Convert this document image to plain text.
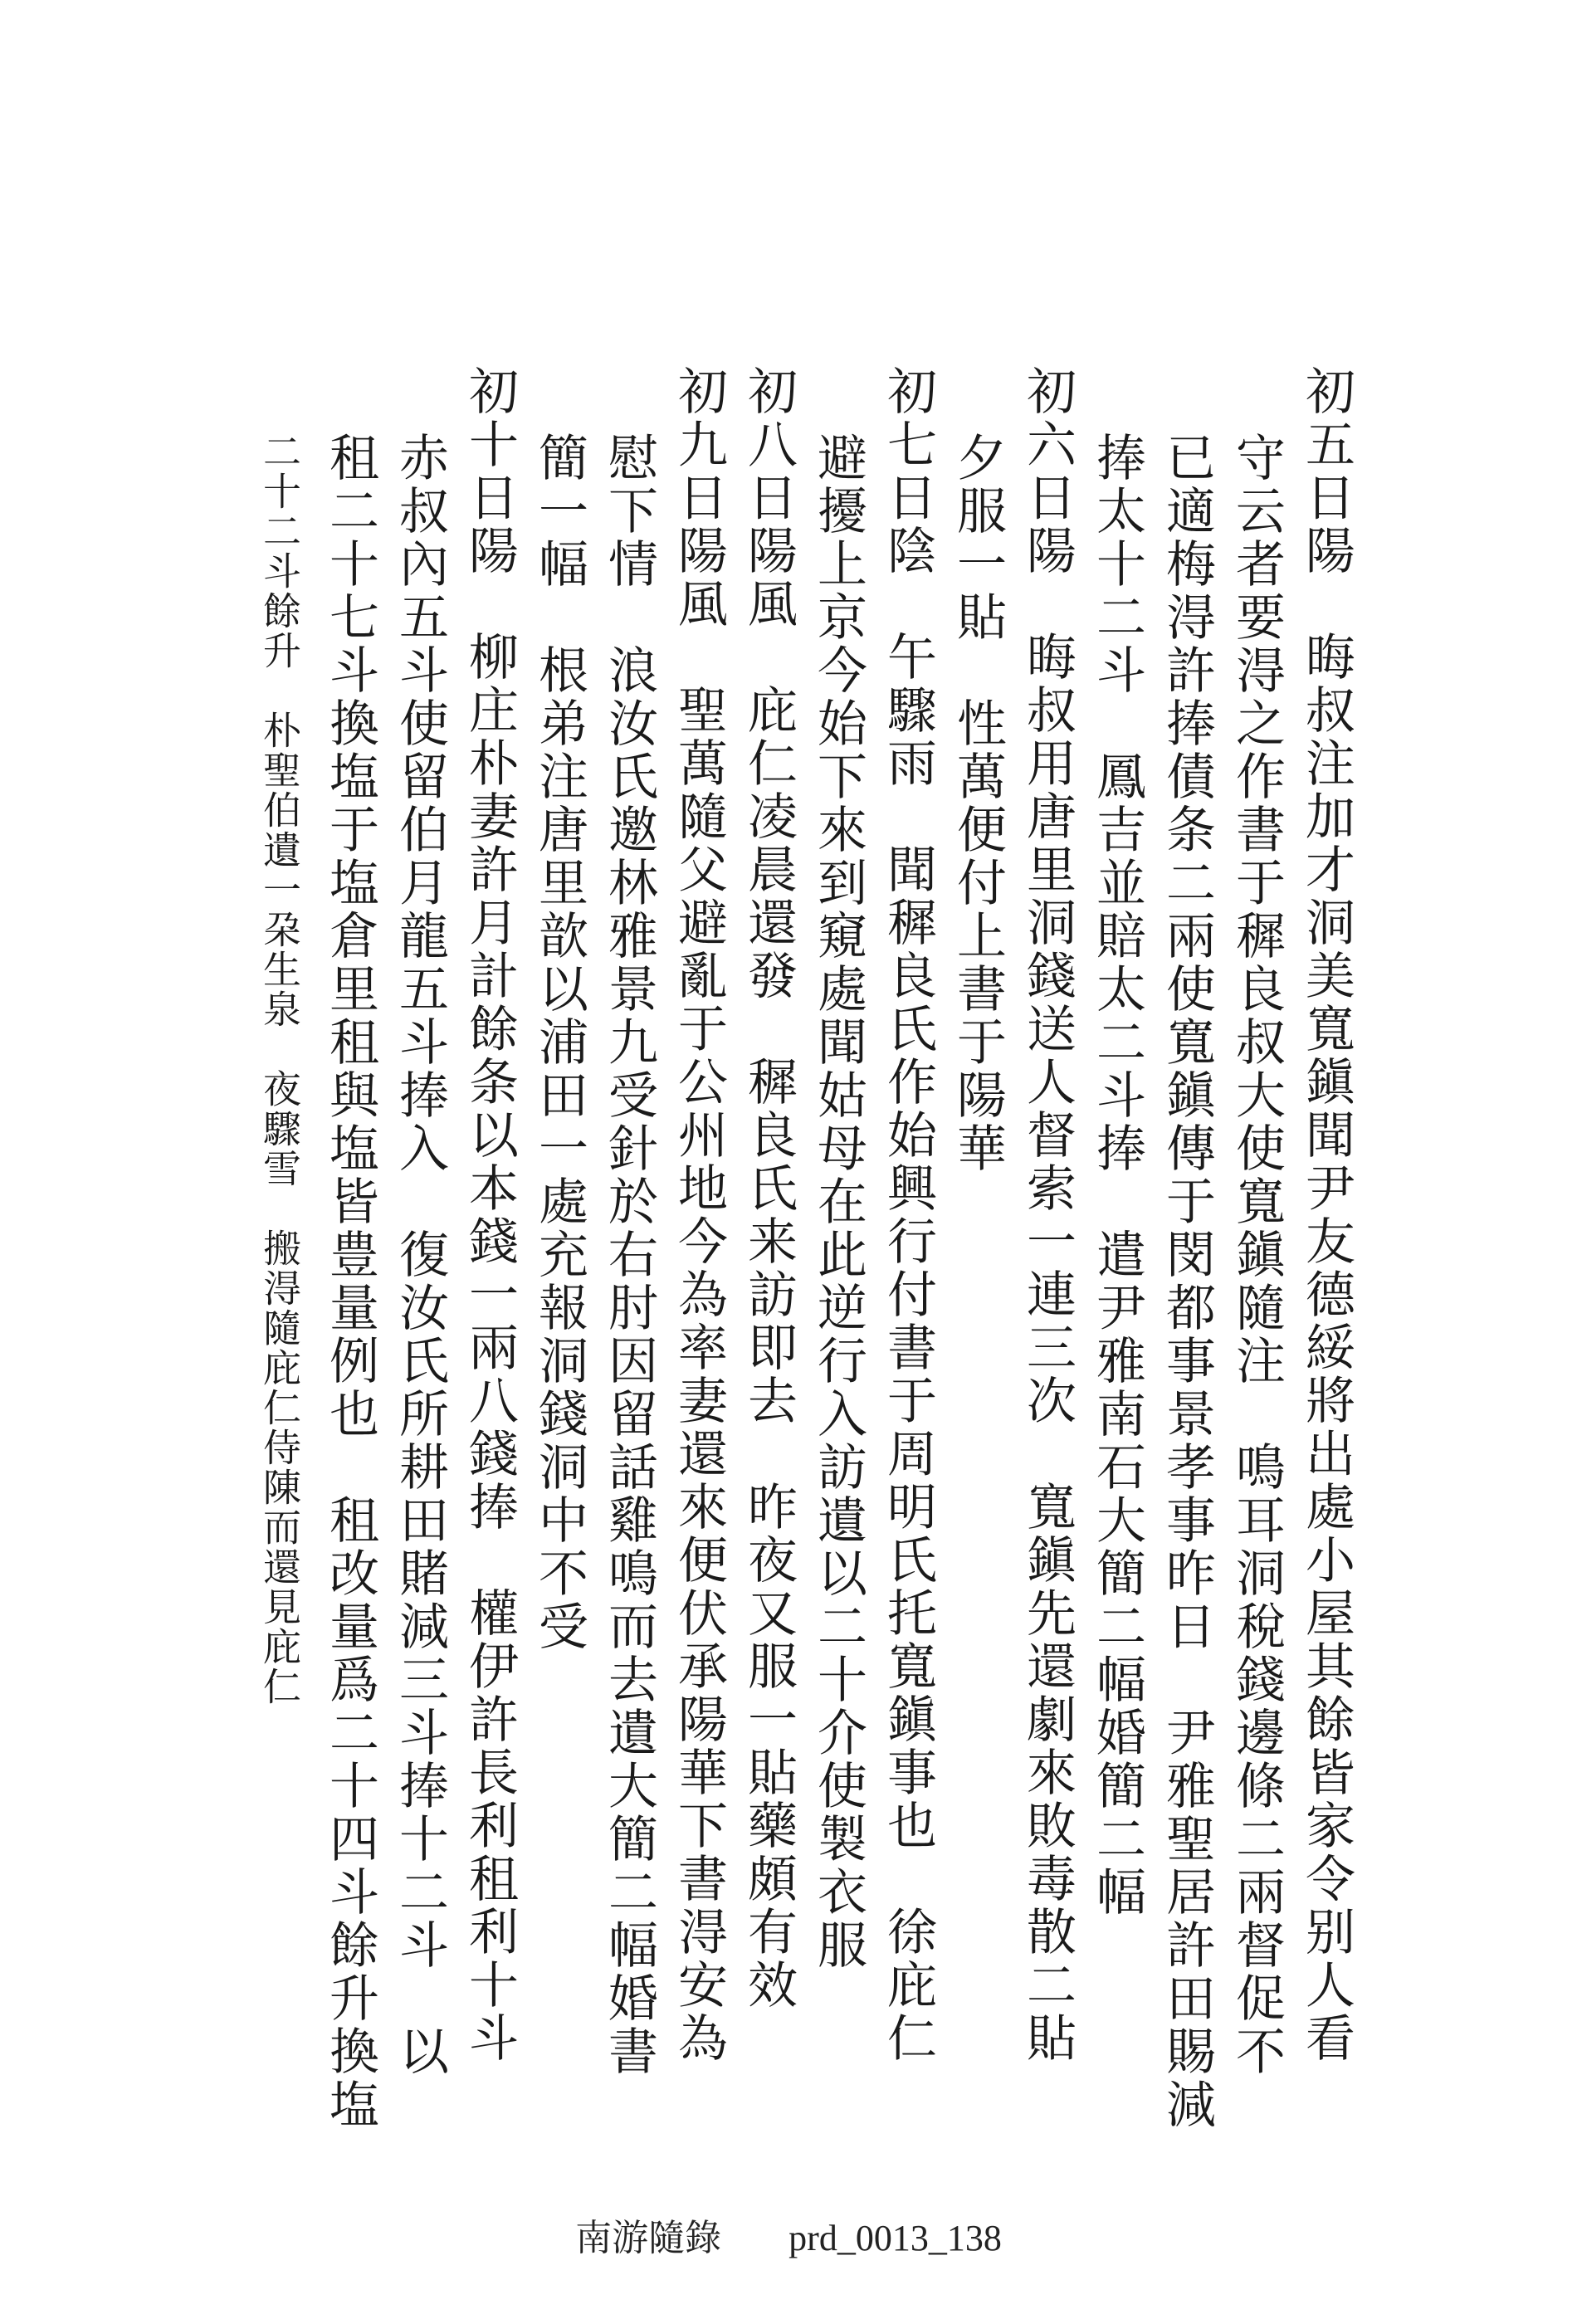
初五日陽　晦叔注加才洞美寬鎭聞尹友德綏將出處小屋其餘皆家令别人看
守云者要淂之作書于穉良叔大使寬鎭隨注　鳴耳洞稅錢邊條二兩督促不
已適梅淂許捧債条二兩使寬鎭傳于閔都事景孝事昨日　尹雅聖居許田賜減
捧太十二斗　鳳吉並賠太二斗捧　遣尹雅南石大簡二幅婚簡二幅
初六日陽　晦叔用唐里洞錢送人督索一連三次　寬鎭先還劇來敗毒散二貼
夕服一貼　性萬便付上書于陽華
初七日陰　午驟雨　聞穉良氏作始興行付書于周明氏托寬鎭事也　徐庇仁
避擾上京今始下來到窺處聞姑母在此逆行入訪遺以二十介使製衣服
初八日陽風　庇仁凌晨還發　穉良氏来訪即去　昨夜又服一貼藥頗有效
初九日陽風　聖萬隨父避亂于公州地今為率妻還來便伏承陽華下書淂安為
慰下情　浪汝氏邀林雅景九受針於右肘因留話雞鳴而去遺大簡二幅婚書
簡一幅　根弟注唐里歆以浦田一處充報洞錢洞中不受
初十日陽　柳庄朴妻許月計餘条以本錢一兩八錢捧　權伊許長利租利十斗
赤叔內五斗使留伯月龍五斗捧入　復汝氏所耕田賭減三斗捧十二斗　以
租二十七斗換塩于塩倉里租與塩皆豊量例也　租改量爲二十四斗餘升換塩
二十二斗餘升　朴聖伯遺一朶生泉　夜驟雪　搬淂隨庇仁侍陳而還見庇仁
南游隨錄 prd_0013_138
